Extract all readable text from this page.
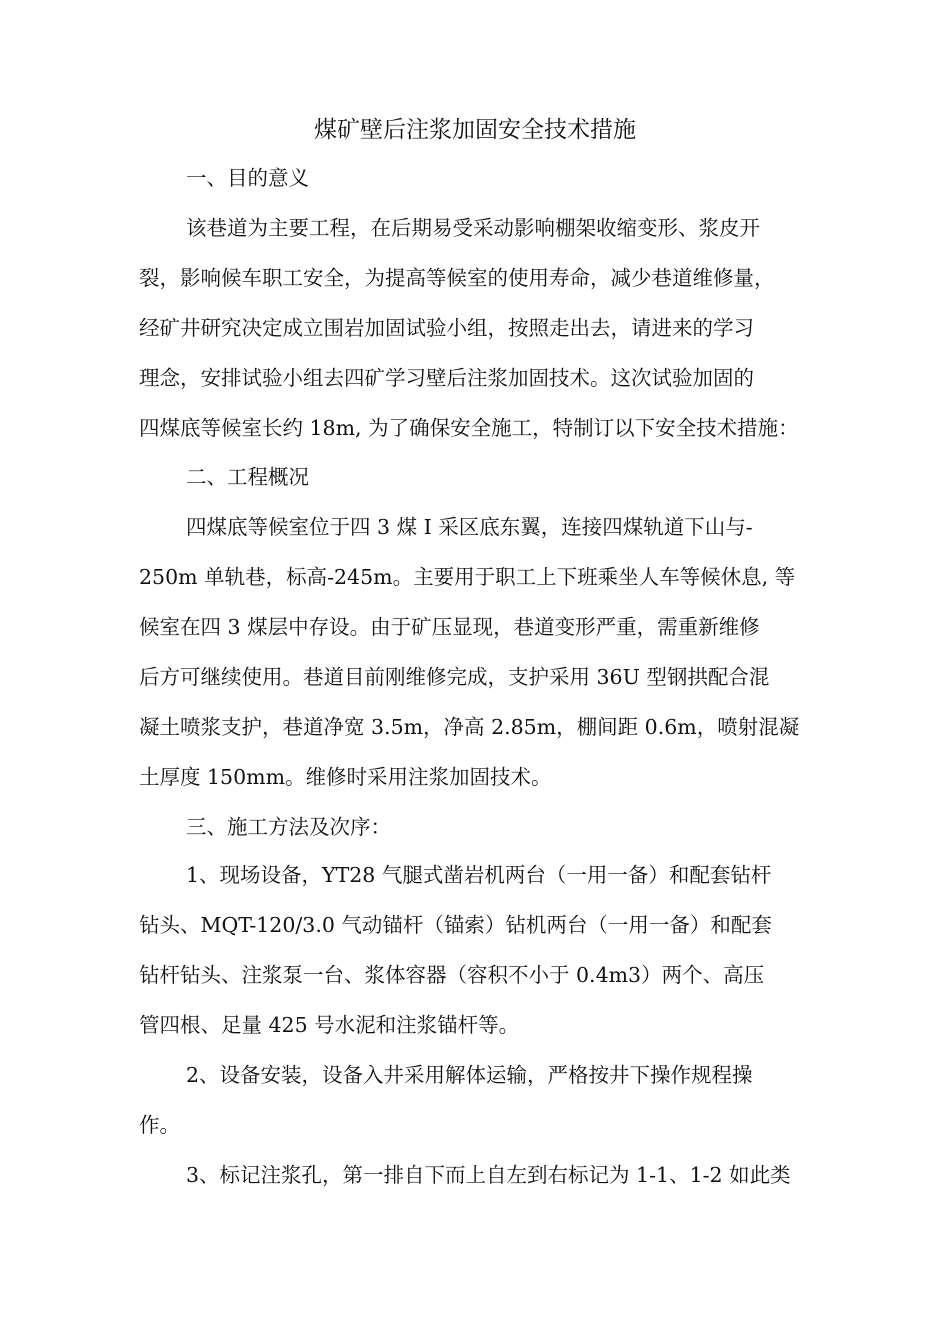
煤矿壁后注浆加固安全技术措施
一、目的意义
该巷道为主要工程，在后期易受采动影响棚架收缩变形、浆皮开
裂，影响候车职工安全，为提高等候室的使用寿命，减少巷道维修量，
经矿井研究决定成立围岩加固试验小组，按照走出去，请进来的学习
理念，安排试验小组去四矿学习壁后注浆加固技术。这次试验加固的
四煤底等候室长约 18m, 为了确保安全施工，特制订以下安全技术措施：
二、工程概况
四煤底等候室位于四 3 煤 I 采区底东翼，连接四煤轨道下山与-
250m 单轨巷，标高-245m。主要用于职工上下班乘坐人车等候休息, 等
候室在四 3 煤层中存设。由于矿压显现，巷道变形严重，需重新维修
后方可继续使用。巷道目前刚维修完成，支护采用 36U 型钢拱配合混
凝土喷浆支护，巷道净宽 3.5m，净高 2.85m，棚间距 0.6m，喷射混凝
土厚度 150mm。维修时采用注浆加固技术。
三、施工方法及次序：
1、现场设备，YT28 气腿式凿岩机两台（一用一备）和配套钻杆
钻头、MQT-120/3.0 气动锚杆（锚索）钻机两台（一用一备）和配套
钻杆钻头、注浆泵一台、浆体容器（容积不小于 0.4m3）两个、高压
管四根、足量 425 号水泥和注浆锚杆等。
2、设备安装，设备入井采用解体运输，严格按井下操作规程操
作。
3、标记注浆孔，第一排自下而上自左到右标记为 1-1、1-2 如此类
